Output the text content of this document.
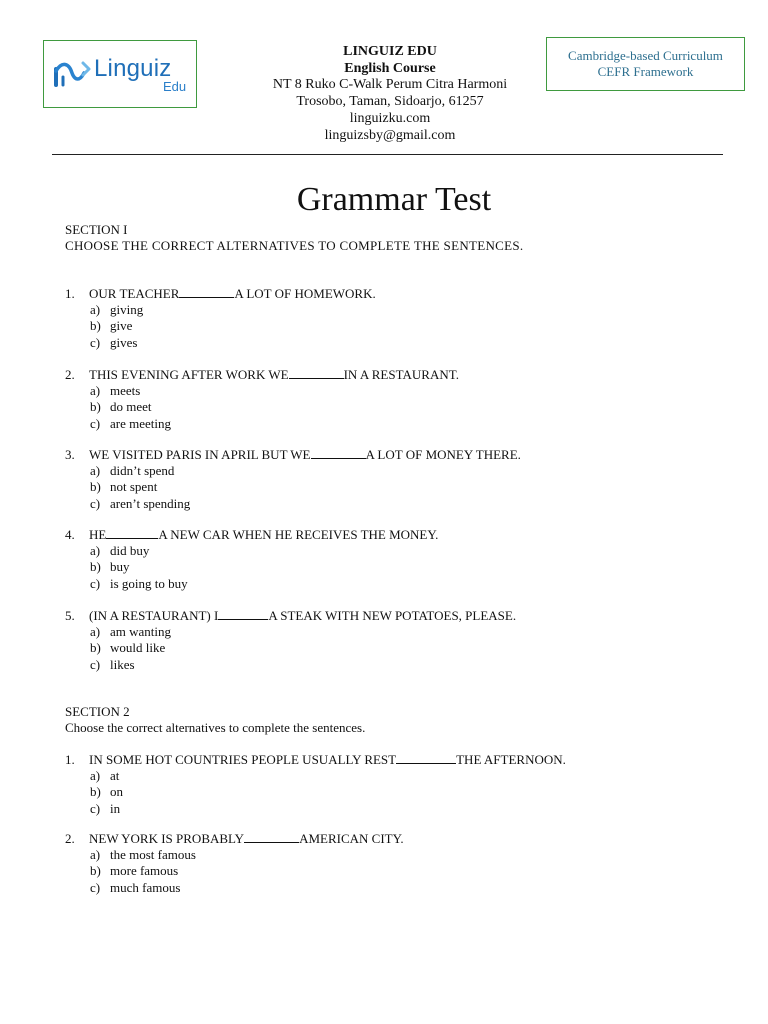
Linguiz
Edu
LINGUIZ EDU
English Course
NT 8 Ruko C-Walk Perum Citra Harmoni
Trosobo, Taman, Sidoarjo, 61257
linguizku.com
linguizsby@gmail.com
Cambridge-based Curriculum
CEFR Framework
Grammar Test
SECTION I
CHOOSE THE CORRECT ALTERNATIVES TO COMPLETE THE SENTENCES.
1. OUR TEACHER	A LOT OF HOMEWORK.
a) giving
b) give
c) gives
2. THIS EVENING AFTER WORK WE	IN A RESTAURANT.
a) meets
b) do meet
c) are meeting
3. WE VISITED PARIS IN APRIL BUT WE	A LOT OF MONEY THERE.
a) didn’t spend
b) not spent
c) aren’t spending
4. HE	A NEW CAR WHEN HE RECEIVES THE MONEY.
a) did buy
b) buy
c) is going to buy
5. (IN A RESTAURANT) I	A STEAK WITH NEW POTATOES, PLEASE.
a) am wanting
b) would like
c) likes
SECTION 2
Choose the correct alternatives to complete the sentences.
1. IN SOME HOT COUNTRIES PEOPLE USUALLY REST	THE AFTERNOON.
a) at
b) on
c) in
2. NEW YORK IS PROBABLY	AMERICAN CITY.
a) the most famous
b) more famous
c) much famous
